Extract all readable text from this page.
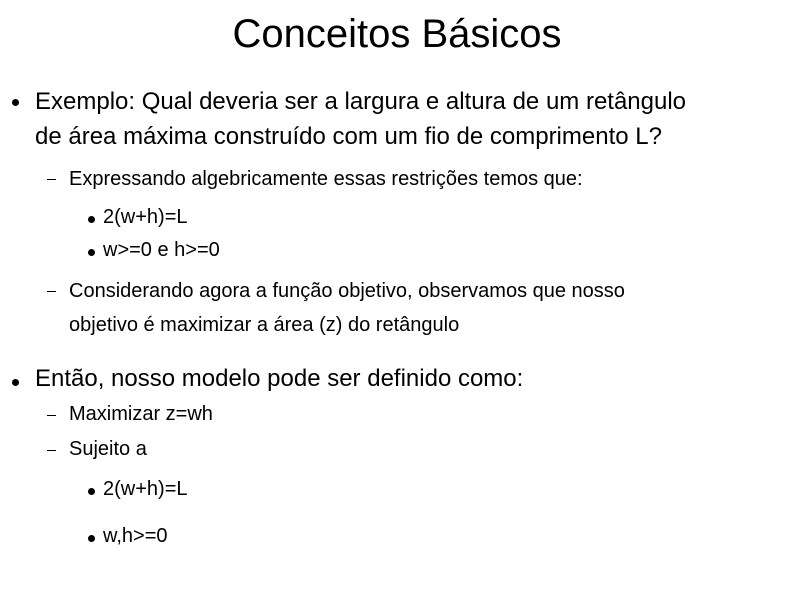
Conceitos Básicos
Exemplo: Qual deveria ser a largura e altura de um retângulo
de área máxima construído com um fio de comprimento L?
Expressando algebricamente essas restrições temos que:
2(w+h)=L
w>=0 e h>=0
Considerando agora a função objetivo, observamos que nosso
objetivo é maximizar a área (z) do retângulo
Então, nosso modelo pode ser definido como:
Maximizar z=wh
Sujeito a
2(w+h)=L
w,h>=0
